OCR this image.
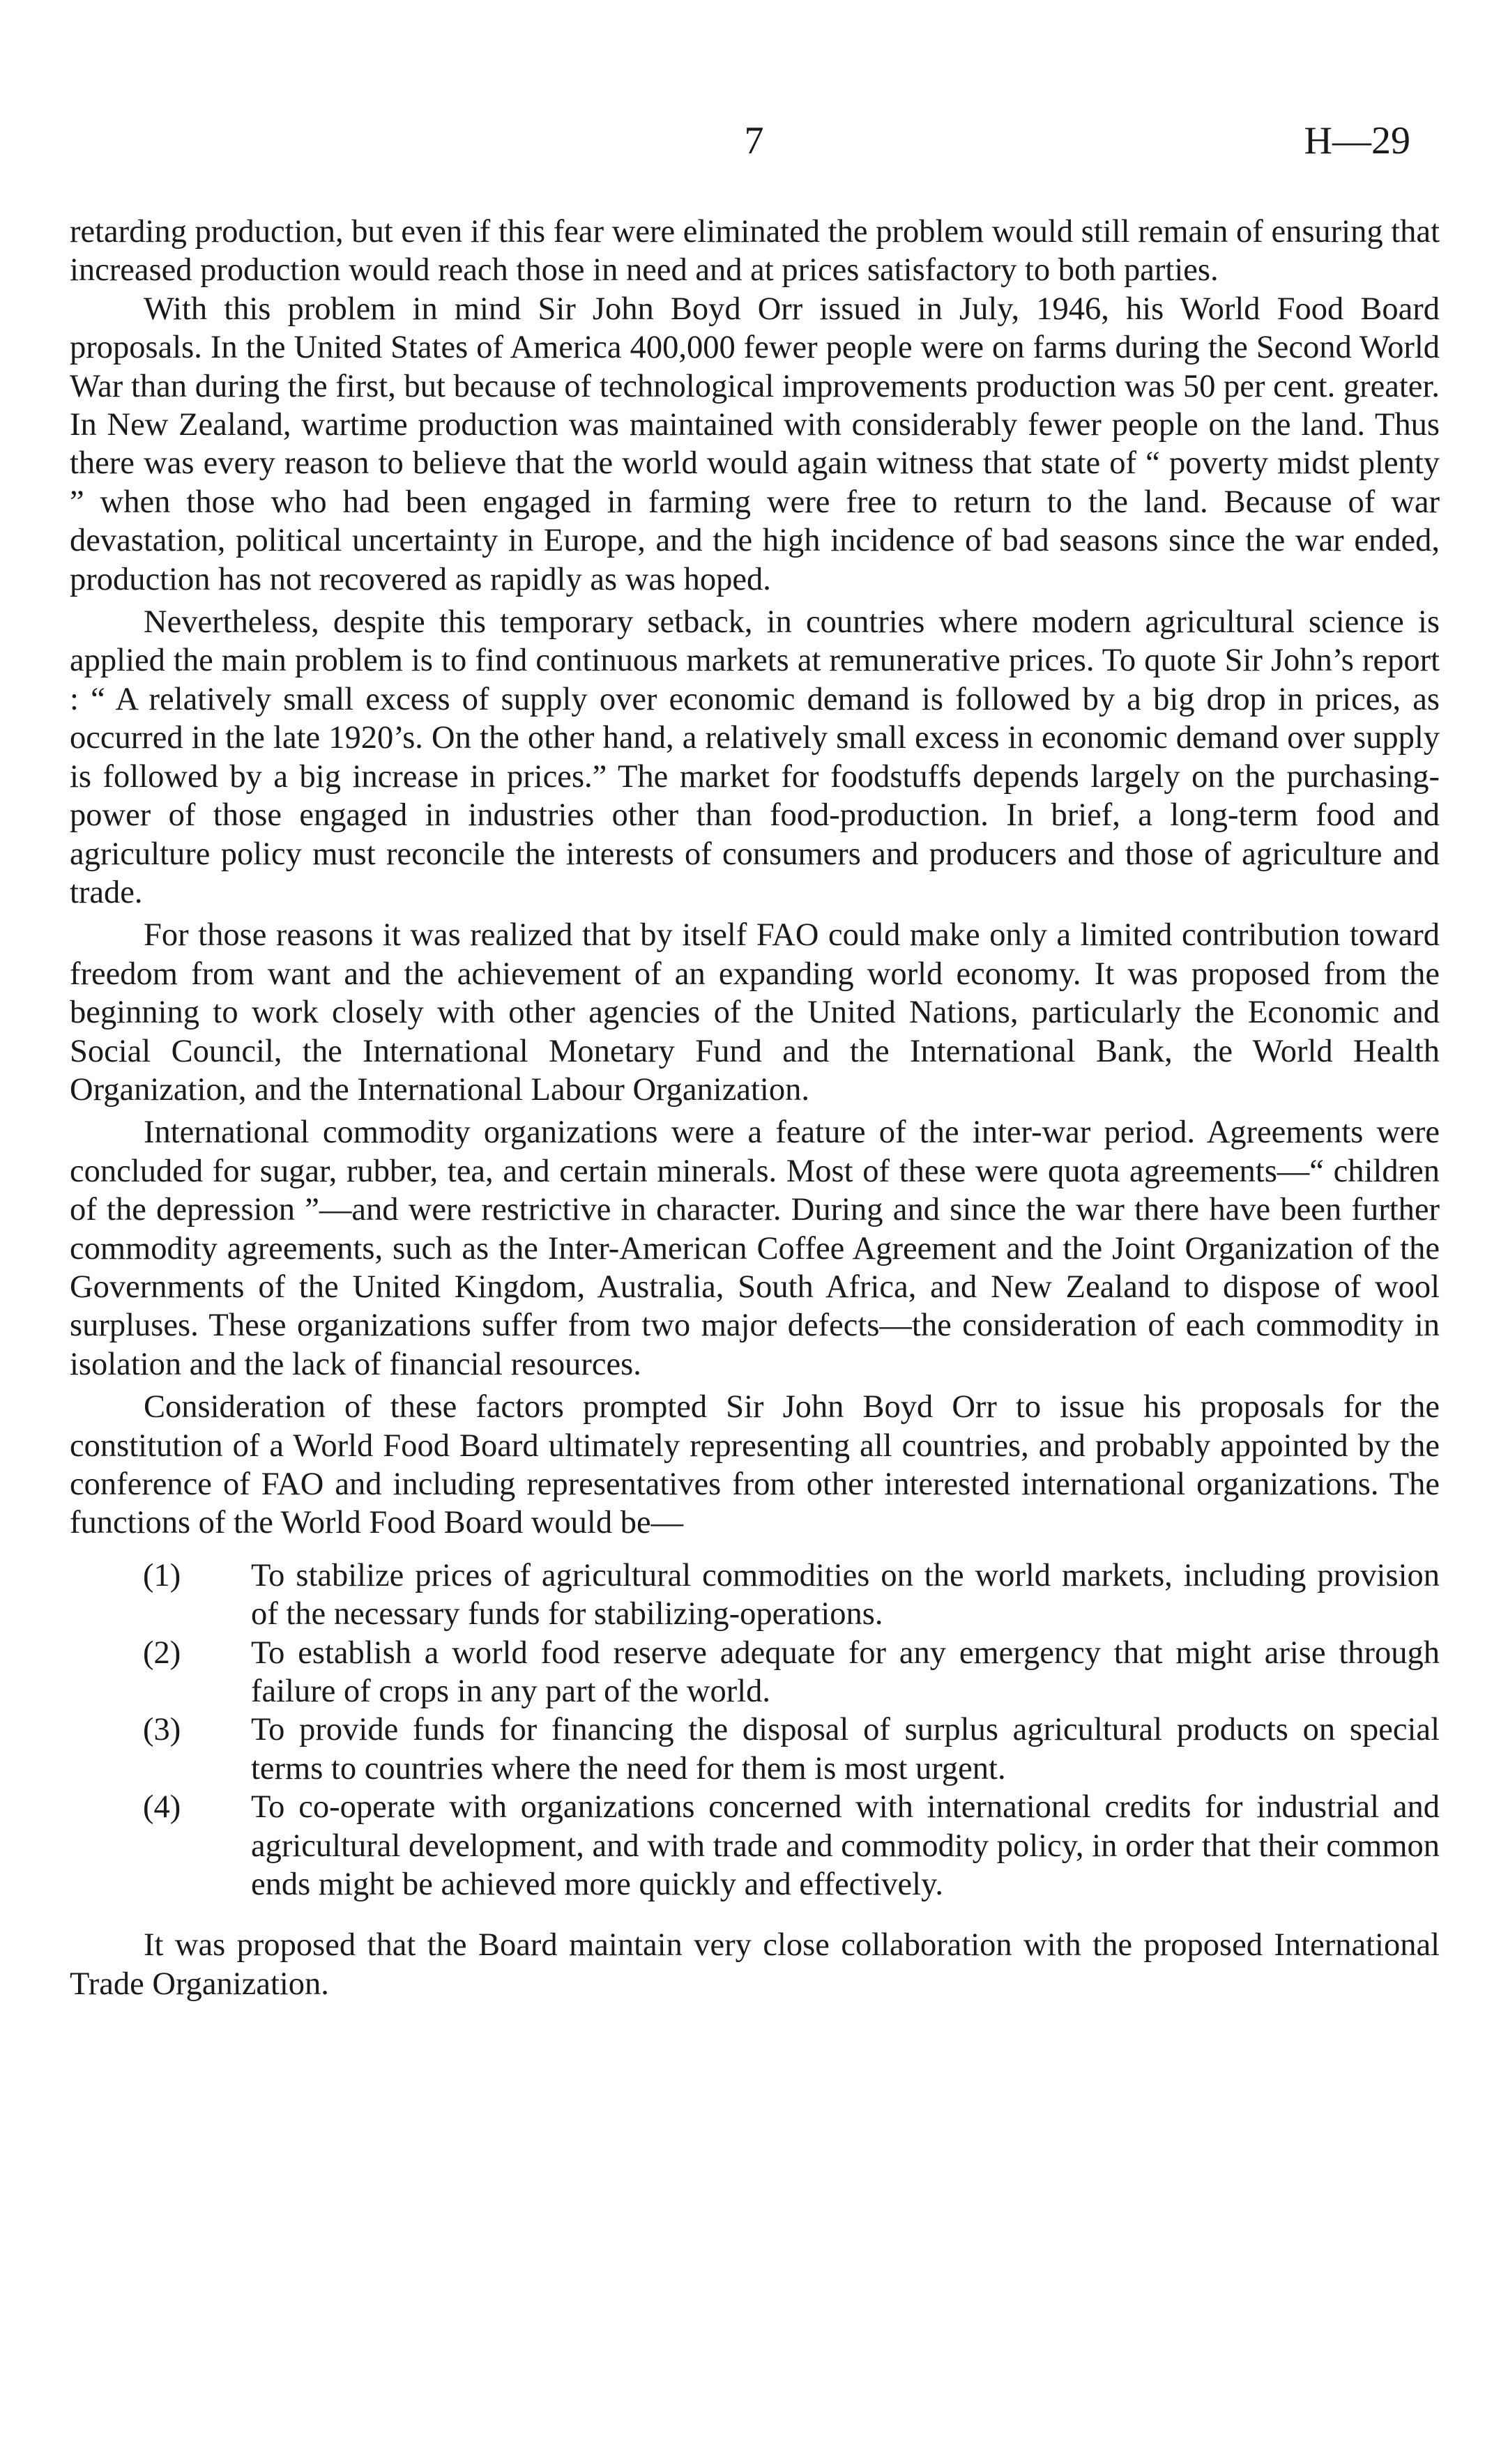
7	H—29

retarding production, but even if this fear were eliminated the problem would still remain of ensuring that increased production would reach those in need and at prices satisfactory to both parties.

With this problem in mind Sir John Boyd Orr issued in July, 1946, his World Food Board proposals. In the United States of America 400,000 fewer people were on farms during the Second World War than during the first, but because of technological improvements production was 50 per cent. greater. In New Zealand, wartime production was maintained with considerably fewer people on the land. Thus there was every reason to believe that the world would again witness that state of “ poverty midst plenty ” when those who had been engaged in farming were free to return to the land. Because of war devastation, political uncertainty in Europe, and the high incidence of bad seasons since the war ended, production has not recovered as rapidly as was hoped.

Nevertheless, despite this temporary setback, in countries where modern agricultural science is applied the main problem is to find continuous markets at remunerative prices. To quote Sir John’s report : “ A relatively small excess of supply over economic demand is followed by a big drop in prices, as occurred in the late 1920’s. On the other hand, a relatively small excess in economic demand over supply is followed by a big increase in prices.” The market for foodstuffs depends largely on the purchasing-power of those engaged in industries other than food-production. In brief, a long-term food and agriculture policy must reconcile the interests of consumers and producers and those of agriculture and trade.

For those reasons it was realized that by itself FAO could make only a limited contribution toward freedom from want and the achievement of an expanding world economy. It was proposed from the beginning to work closely with other agencies of the United Nations, particularly the Economic and Social Council, the International Monetary Fund and the International Bank, the World Health Organization, and the International Labour Organization.

International commodity organizations were a feature of the inter-war period. Agreements were concluded for sugar, rubber, tea, and certain minerals. Most of these were quota agreements—“ children of the depression ”—and were restrictive in character. During and since the war there have been further commodity agreements, such as the Inter-American Coffee Agreement and the Joint Organization of the Governments of the United Kingdom, Australia, South Africa, and New Zealand to dispose of wool surpluses. These organizations suffer from two major defects—the consideration of each commodity in isolation and the lack of financial resources.

Consideration of these factors prompted Sir John Boyd Orr to issue his proposals for the constitution of a World Food Board ultimately representing all countries, and probably appointed by the conference of FAO and including representatives from other interested international organizations. The functions of the World Food Board would be—

(1) To stabilize prices of agricultural commodities on the world markets, including provision of the necessary funds for stabilizing-operations.

(2) To establish a world food reserve adequate for any emergency that might arise through failure of crops in any part of the world.

(3) To provide funds for financing the disposal of surplus agricultural products on special terms to countries where the need for them is most urgent.

(4) To co-operate with organizations concerned with international credits for industrial and agricultural development, and with trade and commodity policy, in order that their common ends might be achieved more quickly and effectively.

It was proposed that the Board maintain very close collaboration with the proposed International Trade Organization.
